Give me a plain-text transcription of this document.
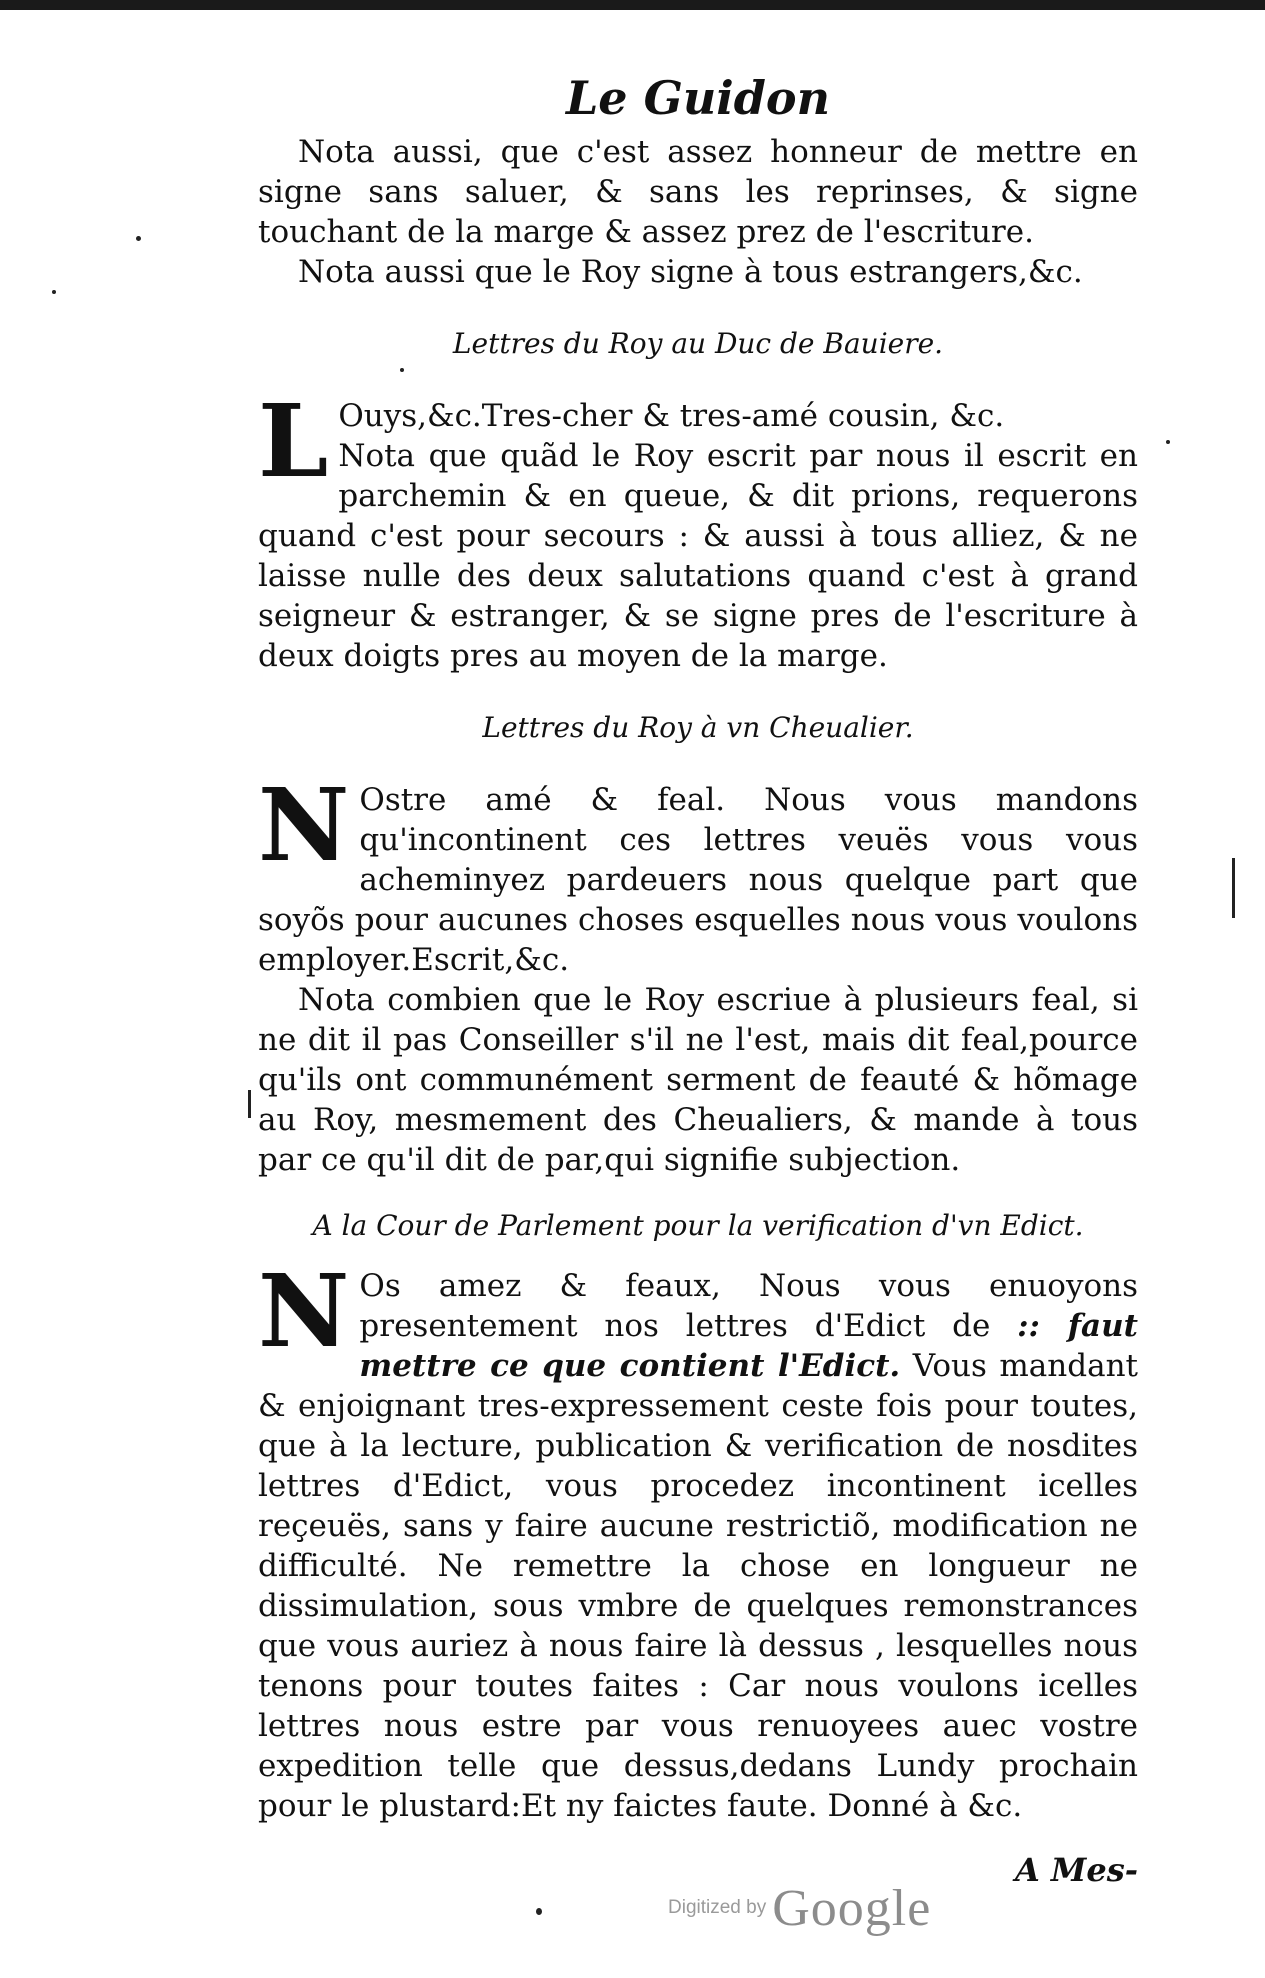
Le Guidon

Nota aussi, que c'est assez honneur de mettre en signe sans saluer, & sans les reprinses, & signe touchant de la marge & assez prez de l'escriture.

Nota aussi que le Roy signe à tous estrangers,&c.

Lettres du Roy au Duc de Bauiere.
L Ouys,&c.Tres-cher & tres-amé cousin, &c.

Nota que quãd le Roy escrit par nous il escrit en parchemin & en queue, & dit prions, requerons quand c'est pour secours : & aussi à tous alliez, & ne laisse nulle des deux salutations quand c'est à grand seigneur & estranger, & se signe pres de l'escriture à deux doigts pres au moyen de la marge.

Lettres du Roy à vn Cheualier.
N Ostre amé & feal. Nous vous mandons qu'incontinent ces lettres veuës vous vous acheminyez pardeuers nous quelque part que soyõs pour aucunes choses esquelles nous vous voulons employer.Escrit,&c.

Nota combien que le Roy escriue à plusieurs feal, si ne dit il pas Conseiller s'il ne l'est, mais dit feal,pource qu'ils ont communément serment de feauté & hõmage au Roy, mesmement des Cheualiers, & mande à tous par ce qu'il dit de par,qui signifie subjection.

A la Cour de Parlement pour la verification d'vn Edict.
N Os amez & feaux, Nous vous enuoyons presentement nos lettres d'Edict de :: faut mettre ce que contient l'Edict. Vous mandant & enjoignant tres-expressement ceste fois pour toutes, que à la lecture, publication & verification de nosdites lettres d'Edict, vous procedez incontinent icelles reçeuës, sans y faire aucune restrictiõ, modification ne difficulté. Ne remettre la chose en longueur ne dissimulation, sous vmbre de quelques remonstrances que vous auriez à nous faire là dessus , lesquelles nous tenons pour toutes faites : Car nous voulons icelles lettres nous estre par vous renuoyees auec vostre expedition telle que dessus,dedans Lundy prochain pour le plustard:Et ny faictes faute. Donné à &c.

A Mes-
Digitized by Google
